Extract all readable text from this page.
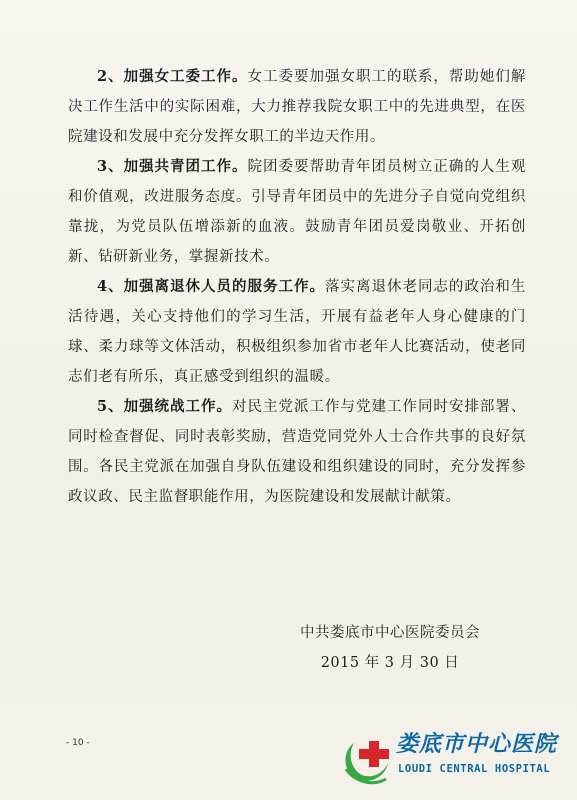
2、加强女工委工作。女工委要加强女职工的联系，帮助她们解决工作生活中的实际困难，大力推荐我院女职工中的先进典型，在医院建设和发展中充分发挥女职工的半边天作用。

3、加强共青团工作。院团委要帮助青年团员树立正确的人生观和价值观，改进服务态度。引导青年团员中的先进分子自觉向党组织靠拢，为党员队伍增添新的血液。鼓励青年团员爱岗敬业、开拓创新、钻研新业务，掌握新技术。

4、加强离退休人员的服务工作。落实离退休老同志的政治和生活待遇，关心支持他们的学习生活，开展有益老年人身心健康的门球、柔力球等文体活动，积极组织参加省市老年人比赛活动，使老同志们老有所乐，真正感受到组织的温暖。

5、加强统战工作。对民主党派工作与党建工作同时安排部署、同时检查督促、同时表彰奖励，营造党同党外人士合作共事的良好氛围。各民主党派在加强自身队伍建设和组织建设的同时，充分发挥参政议政、民主监督职能作用，为医院建设和发展献计献策。

中共娄底市中心医院委员会
2015 年 3 月 30 日
- 10 -	娄底市中心医院
LOUDI CENTRAL HOSPITAL
